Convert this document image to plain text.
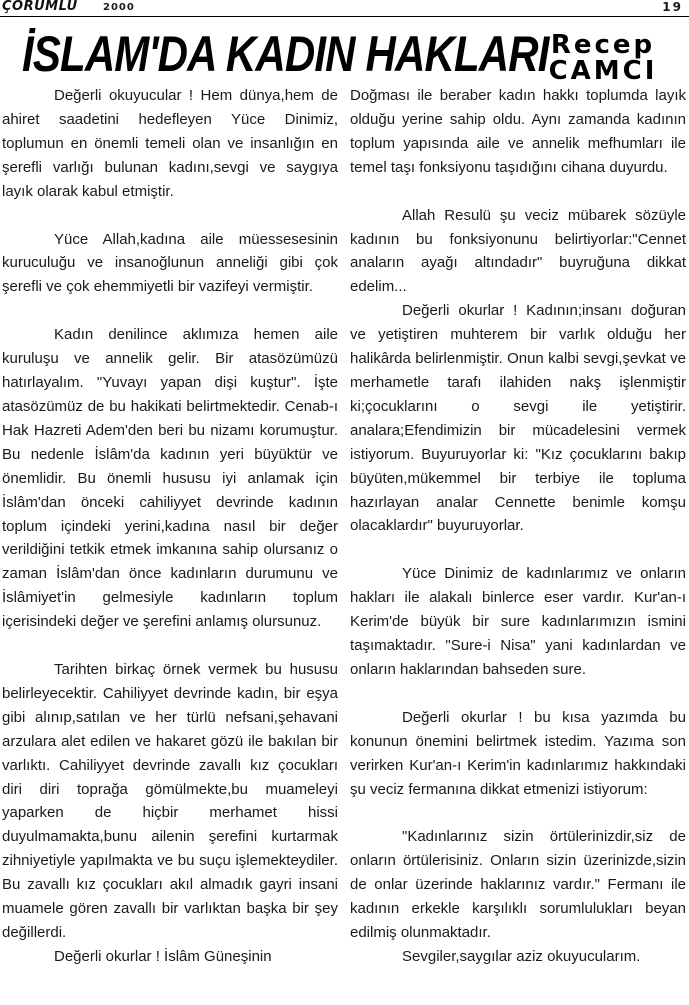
ÇORUMLU	2000	19
İSLAM'DA KADIN HAKLARI Recep
CAMCI

Değerli okuyucular ! Hem dünya,hem de ahiret saadetini hedefleyen Yüce Dinimiz, toplumun en önemli temeli olan ve insanlığın en şerefli varlığı bulunan kadını,sevgi ve saygıya layık olarak kabul etmiştir.

Yüce Allah,kadına aile müessesesinin kuruculuğu ve insanoğlunun anneliği gibi çok şerefli ve çok ehemmiyetli bir vazifeyi vermiştir.

Kadın denilince aklımıza hemen aile kuruluşu ve annelik gelir. Bir atasözümüzü hatırlayalım. "Yuvayı yapan dişi kuştur". İşte atasözümüz de bu hakikati belirtmektedir. Cenab-ı Hak Hazreti Adem'den beri bu nizamı korumuştur. Bu nedenle İslâm'da kadının yeri büyüktür ve önemlidir. Bu önemli hususu iyi anlamak için İslâm'dan önceki cahiliyyet devrinde kadının toplum içindeki yerini,kadına nasıl bir değer verildiğini tetkik etmek imkanına sahip olursanız o zaman İslâm'dan önce kadınların durumunu ve İslâmiyet'in gelmesiyle kadınların toplum içerisindeki değer ve şerefini anlamış olursunuz.

Tarihten birkaç örnek vermek bu hususu belirleyecektir. Cahiliyyet devrinde kadın, bir eşya gibi alınıp,satılan ve her türlü nefsani,şehavani arzulara alet edilen ve hakaret gözü ile bakılan bir varlıktı. Cahiliyyet devrinde zavallı kız çocukları diri diri toprağa gömülmekte,bu muameleyi yaparken de hiçbir merhamet hissi duyulmamakta,bunu ailenin şerefini kurtarmak zihniyetiyle yapılmakta ve bu suçu işlemekteydiler. Bu zavallı kız çocukları akıl almadık gayri insani muamele gören zavallı bir varlıktan başka bir şey değillerdi.

Değerli okurlar ! İslâm Güneşinin

Doğması ile beraber kadın hakkı toplumda layık olduğu yerine sahip oldu. Aynı zamanda kadının toplum yapısında aile ve annelik mefhumları ile temel taşı fonksiyonu taşıdığını cihana duyurdu.

Allah Resulü şu veciz mübarek sözüyle kadının bu fonksiyonunu belirtiyorlar:"Cennet anaların ayağı altındadır" buyruğuna dikkat edelim...

Değerli okurlar ! Kadının;insanı doğuran ve yetiştiren muhterem bir varlık olduğu her halikârda belirlenmiştir. Onun kalbi sevgi,şevkat ve merhametle tarafı ilahiden nakş işlenmiştir ki;çocuklarını o sevgi ile yetiştirir. analara;Efendimizin bir mücadelesini vermek istiyorum. Buyuruyorlar ki: "Kız çocuklarını bakıp büyüten,mükemmel bir terbiye ile topluma hazırlayan analar Cennette benimle komşu olacaklardır" buyuruyorlar.

Yüce Dinimiz de kadınlarımız ve onların hakları ile alakalı binlerce eser vardır. Kur'an-ı Kerim'de büyük bir sure kadınlarımızın ismini taşımaktadır. "Sure-i Nisa" yani kadınlardan ve onların haklarından bahseden sure.

Değerli okurlar ! bu kısa yazımda bu konunun önemini belirtmek istedim. Yazıma son verirken Kur'an-ı Kerim'in kadınlarımız hakkındaki şu veciz fermanına dikkat etmenizi istiyorum:

"Kadınlarınız sizin örtülerinizdir,siz de onların örtülerisiniz. Onların sizin üzerinizde,sizin de onlar üzerinde haklarınız vardır." Fermanı ile kadının erkekle karşılıklı sorumlulukları beyan edilmiş olunmaktadır.

Sevgiler,saygılar aziz okuyucularım.
